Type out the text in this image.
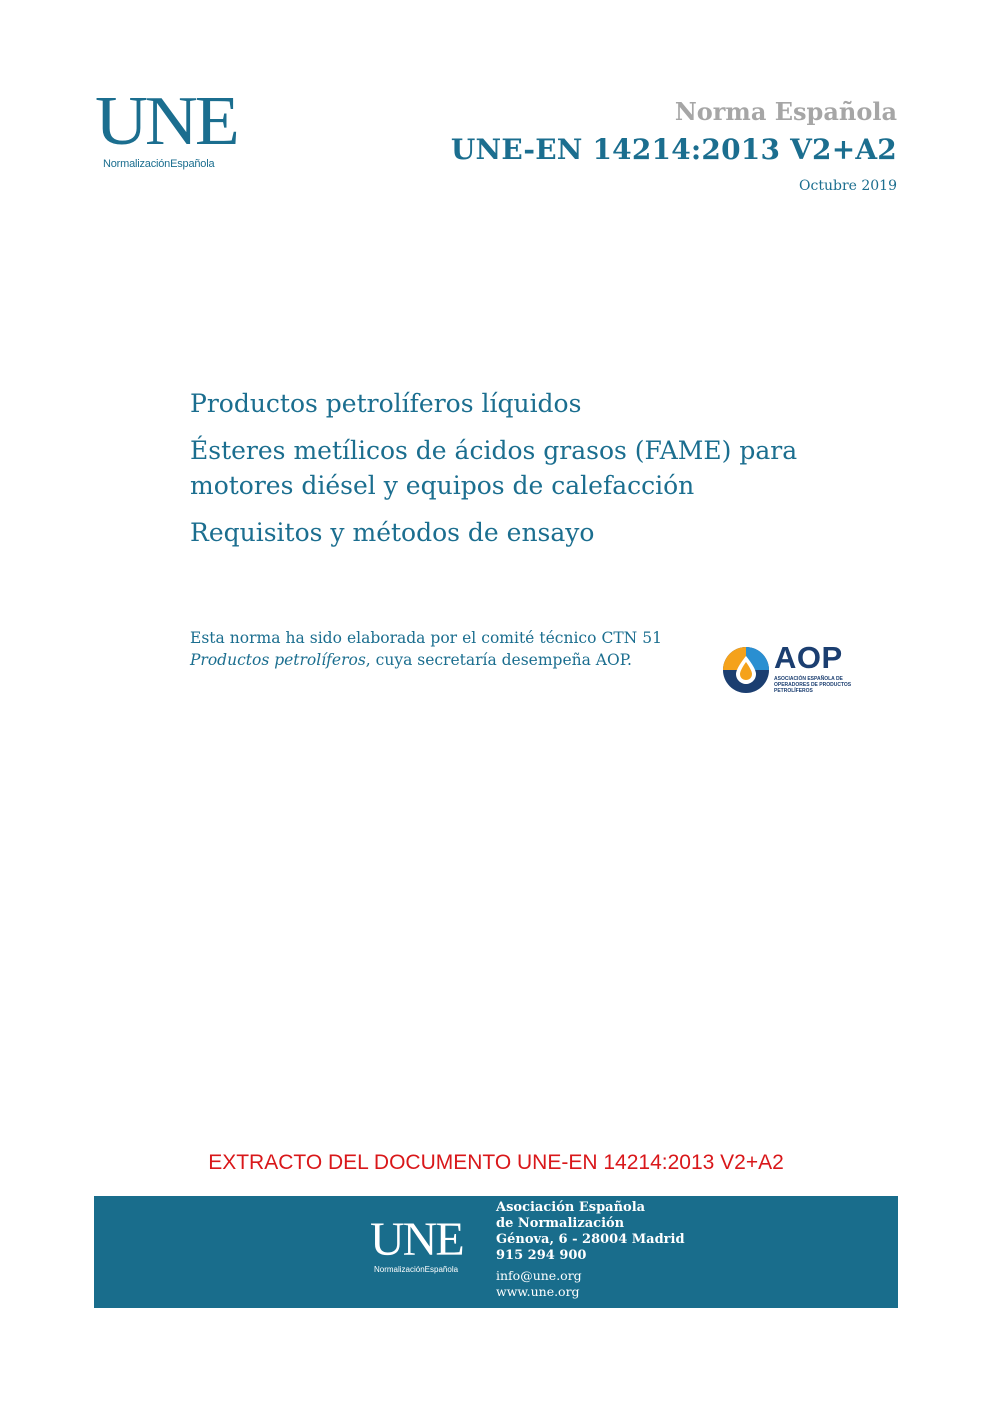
UNE
NormalizaciónEspañola
Norma Española
UNE-EN 14214:2013 V2+A2
Octubre 2019

Productos petrolíferos líquidos

Ésteres metílicos de ácidos grasos (FAME) para motores diésel y equipos de calefacción

Requisitos y métodos de ensayo

Esta norma ha sido elaborada por el comité técnico CTN 51 Productos petrolíferos, cuya secretaría desempeña AOP.	AOP
ASOCIACIÓN ESPAÑOLA DE OPERADORES DE PRODUCTOS PETROLÍFEROS
EXTRACTO DEL DOCUMENTO UNE-EN 14214:2013 V2+A2
UNE
NormalizaciónEspañola
Asociación Española
de Normalización
Génova, 6 - 28004 Madrid
915 294 900
info@une.org
www.une.org
